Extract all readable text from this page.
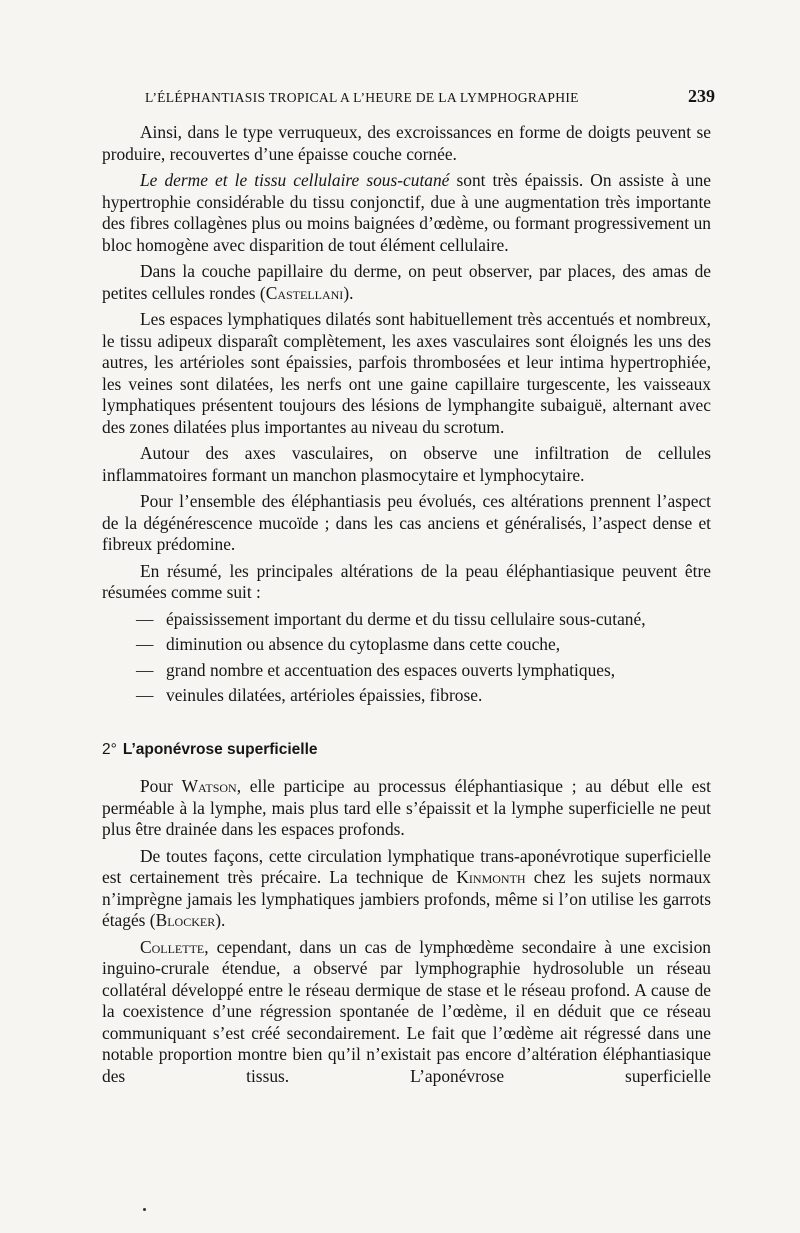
L’ÉLÉPHANTIASIS TROPICAL A L’HEURE DE LA LYMPHOGRAPHIE	239

Ainsi, dans le type verruqueux, des excroissances en forme de doigts peuvent se produire, recouvertes d’une épaisse couche cornée.

Le derme et le tissu cellulaire sous-cutané sont très épaissis. On assiste à une hypertrophie considérable du tissu conjonctif, due à une augmentation très importante des fibres collagènes plus ou moins baignées d’œdème, ou formant progressivement un bloc homogène avec disparition de tout élément cellulaire.

Dans la couche papillaire du derme, on peut observer, par places, des amas de petites cellules rondes (Castellani).

Les espaces lymphatiques dilatés sont habituellement très accentués et nombreux, le tissu adipeux disparaît complètement, les axes vasculaires sont éloignés les uns des autres, les artérioles sont épaissies, parfois thrombosées et leur intima hypertrophiée, les veines sont dilatées, les nerfs ont une gaine capillaire turgescente, les vaisseaux lymphatiques présentent toujours des lésions de lymphangite subaiguë, alternant avec des zones dilatées plus importantes au niveau du scrotum.

Autour des axes vasculaires, on observe une infiltration de cellules inflammatoires formant un manchon plasmocytaire et lymphocytaire.

Pour l’ensemble des éléphantiasis peu évolués, ces altérations prennent l’aspect de la dégénérescence mucoïde ; dans les cas anciens et généralisés, l’aspect dense et fibreux prédomine.

En résumé, les principales altérations de la peau éléphantiasique peuvent être résumées comme suit :

— épaississement important du derme et du tissu cellulaire sous-cutané,
— diminution ou absence du cytoplasme dans cette couche,
— grand nombre et accentuation des espaces ouverts lymphatiques,
— veinules dilatées, artérioles épaissies, fibrose.
2° L’aponévrose superficielle

Pour Watson, elle participe au processus éléphantiasique ; au début elle est perméable à la lymphe, mais plus tard elle s’épaissit et la lymphe superficielle ne peut plus être drainée dans les espaces profonds.

De toutes façons, cette circulation lymphatique trans-aponévrotique superficielle est certainement très précaire. La technique de Kinmonth chez les sujets normaux n’imprègne jamais les lymphatiques jambiers profonds, même si l’on utilise les garrots étagés (Blocker).

Collette, cependant, dans un cas de lymphœdème secondaire à une excision inguino-crurale étendue, a observé par lymphographie hydrosoluble un réseau collatéral développé entre le réseau dermique de stase et le réseau profond. A cause de la coexistence d’une régression spontanée de l’œdème, il en déduit que ce réseau communiquant s’est créé secondairement. Le fait que l’œdème ait régressé dans une notable proportion montre bien qu’il n’existait pas encore d’altération éléphantiasique des tissus. L’aponévrose superficielle
